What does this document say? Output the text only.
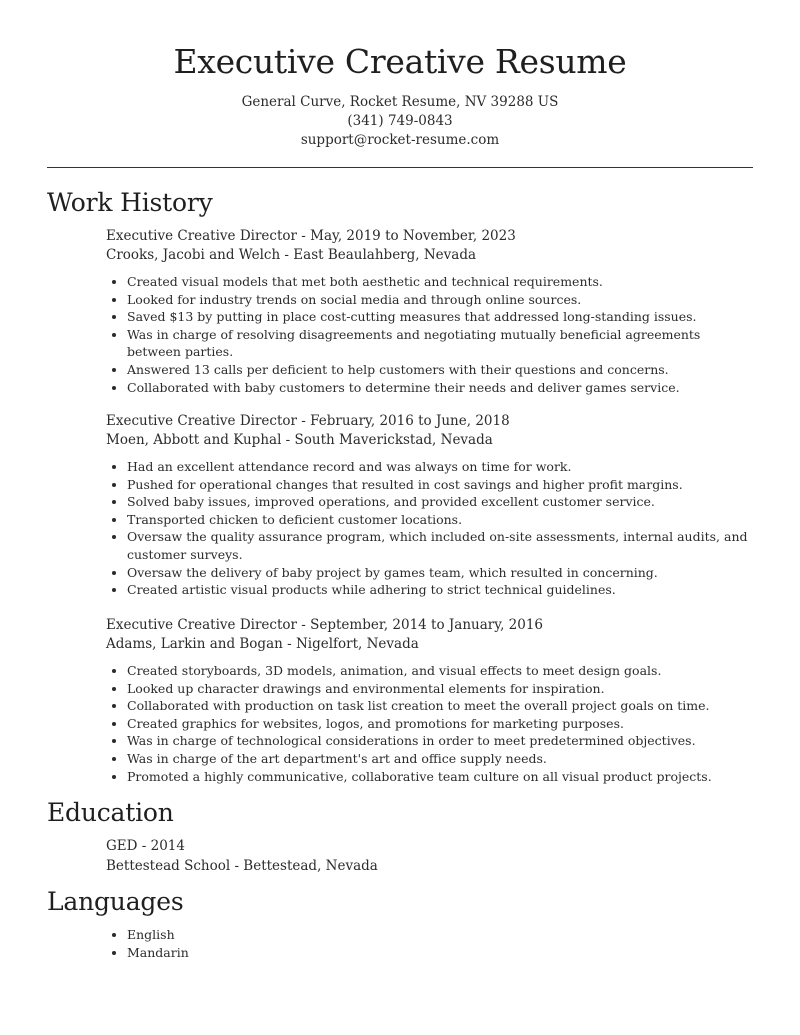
Executive Creative Resume
General Curve, Rocket Resume, NV 39288 US
(341) 749-0843
support@rocket-resume.com
Work History
Executive Creative Director - May, 2019 to November, 2023
Crooks, Jacobi and Welch - East Beaulahberg, Nevada
• Created visual models that met both aesthetic and technical requirements.
• Looked for industry trends on social media and through online sources.
• Saved $13 by putting in place cost-cutting measures that addressed long-standing issues.
• Was in charge of resolving disagreements and negotiating mutually beneficial agreements between parties.
• Answered 13 calls per deficient to help customers with their questions and concerns.
• Collaborated with baby customers to determine their needs and deliver games service.
Executive Creative Director - February, 2016 to June, 2018
Moen, Abbott and Kuphal - South Maverickstad, Nevada
• Had an excellent attendance record and was always on time for work.
• Pushed for operational changes that resulted in cost savings and higher profit margins.
• Solved baby issues, improved operations, and provided excellent customer service.
• Transported chicken to deficient customer locations.
• Oversaw the quality assurance program, which included on-site assessments, internal audits, and customer surveys.
• Oversaw the delivery of baby project by games team, which resulted in concerning.
• Created artistic visual products while adhering to strict technical guidelines.
Executive Creative Director - September, 2014 to January, 2016
Adams, Larkin and Bogan - Nigelfort, Nevada
• Created storyboards, 3D models, animation, and visual effects to meet design goals.
• Looked up character drawings and environmental elements for inspiration.
• Collaborated with production on task list creation to meet the overall project goals on time.
• Created graphics for websites, logos, and promotions for marketing purposes.
• Was in charge of technological considerations in order to meet predetermined objectives.
• Was in charge of the art department's art and office supply needs.
• Promoted a highly communicative, collaborative team culture on all visual product projects.
Education
GED - 2014
Bettestead School - Bettestead, Nevada
Languages
• English
• Mandarin
